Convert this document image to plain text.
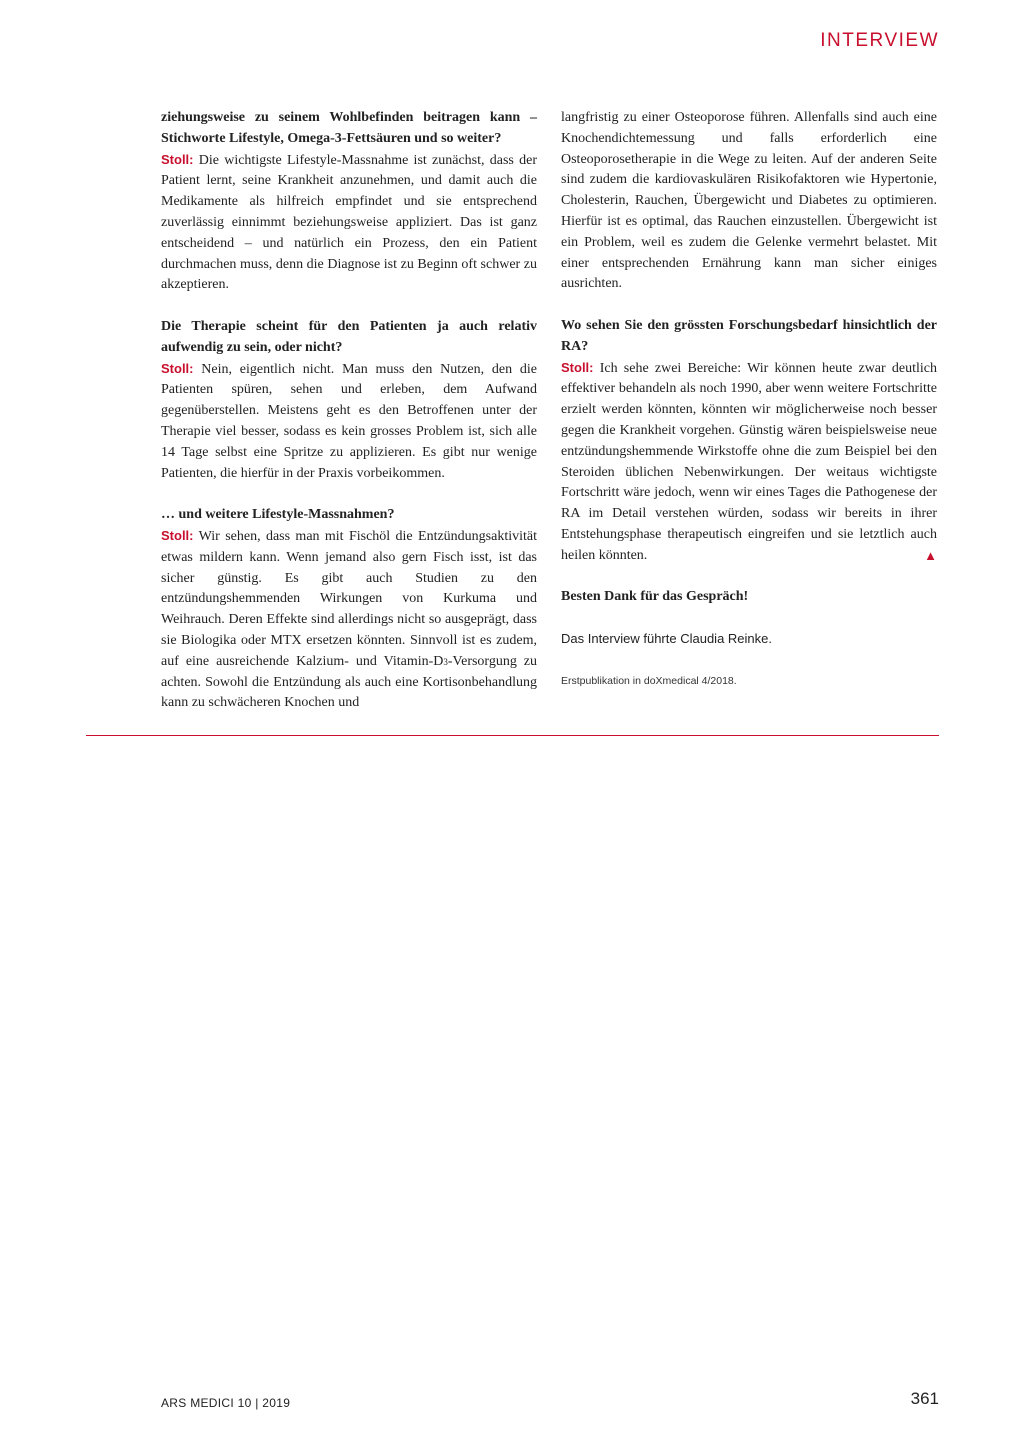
INTERVIEW

ziehungsweise zu seinem Wohlbefinden beitragen kann – Stichworte Lifestyle, Omega-3-Fettsäuren und so weiter?

Stoll: Die wichtigste Lifestyle-Massnahme ist zunächst, dass der Patient lernt, seine Krankheit anzunehmen, und damit auch die Medikamente als hilfreich empfindet und sie entsprechend zuverlässig einnimmt beziehungsweise appliziert. Das ist ganz entscheidend – und natürlich ein Prozess, den ein Patient durchmachen muss, denn die Diagnose ist zu Beginn oft schwer zu akzeptieren.

Die Therapie scheint für den Patienten ja auch relativ aufwendig zu sein, oder nicht?

Stoll: Nein, eigentlich nicht. Man muss den Nutzen, den die Patienten spüren, sehen und erleben, dem Aufwand gegenüberstellen. Meistens geht es den Betroffenen unter der Therapie viel besser, sodass es kein grosses Problem ist, sich alle 14 Tage selbst eine Spritze zu applizieren. Es gibt nur wenige Patienten, die hierfür in der Praxis vorbeikommen.

… und weitere Lifestyle-Massnahmen?

Stoll: Wir sehen, dass man mit Fischöl die Entzündungsaktivität etwas mildern kann. Wenn jemand also gern Fisch isst, ist das sicher günstig. Es gibt auch Studien zu den entzündungshemmenden Wirkungen von Kurkuma und Weihrauch. Deren Effekte sind allerdings nicht so ausgeprägt, dass sie Biologika oder MTX ersetzen könnten. Sinnvoll ist es zudem, auf eine ausreichende Kalzium- und Vitamin-D3-Versorgung zu achten. Sowohl die Entzündung als auch eine Kortisonbehandlung kann zu schwächeren Knochen und

langfristig zu einer Osteoporose führen. Allenfalls sind auch eine Knochendichtemessung und falls erforderlich eine Osteoporosetherapie in die Wege zu leiten. Auf der anderen Seite sind zudem die kardiovaskulären Risikofaktoren wie Hypertonie, Cholesterin, Rauchen, Übergewicht und Diabetes zu optimieren. Hierfür ist es optimal, das Rauchen einzustellen. Übergewicht ist ein Problem, weil es zudem die Gelenke vermehrt belastet. Mit einer entsprechenden Ernährung kann man sicher einiges ausrichten.

Wo sehen Sie den grössten Forschungsbedarf hinsichtlich der RA?

Stoll: Ich sehe zwei Bereiche: Wir können heute zwar deutlich effektiver behandeln als noch 1990, aber wenn weitere Fortschritte erzielt werden könnten, könnten wir möglicherweise noch besser gegen die Krankheit vorgehen. Günstig wären beispielsweise neue entzündungshemmende Wirkstoffe ohne die zum Beispiel bei den Steroiden üblichen Nebenwirkungen. Der weitaus wichtigste Fortschritt wäre jedoch, wenn wir eines Tages die Pathogenese der RA im Detail verstehen würden, sodass wir bereits in ihrer Entstehungsphase therapeutisch eingreifen und sie letztlich auch heilen könnten.	▲

Besten Dank für das Gespräch!

Das Interview führte Claudia Reinke.

Erstpublikation in doXmedical 4/2018.

ARS MEDICI 10 | 2019	361
